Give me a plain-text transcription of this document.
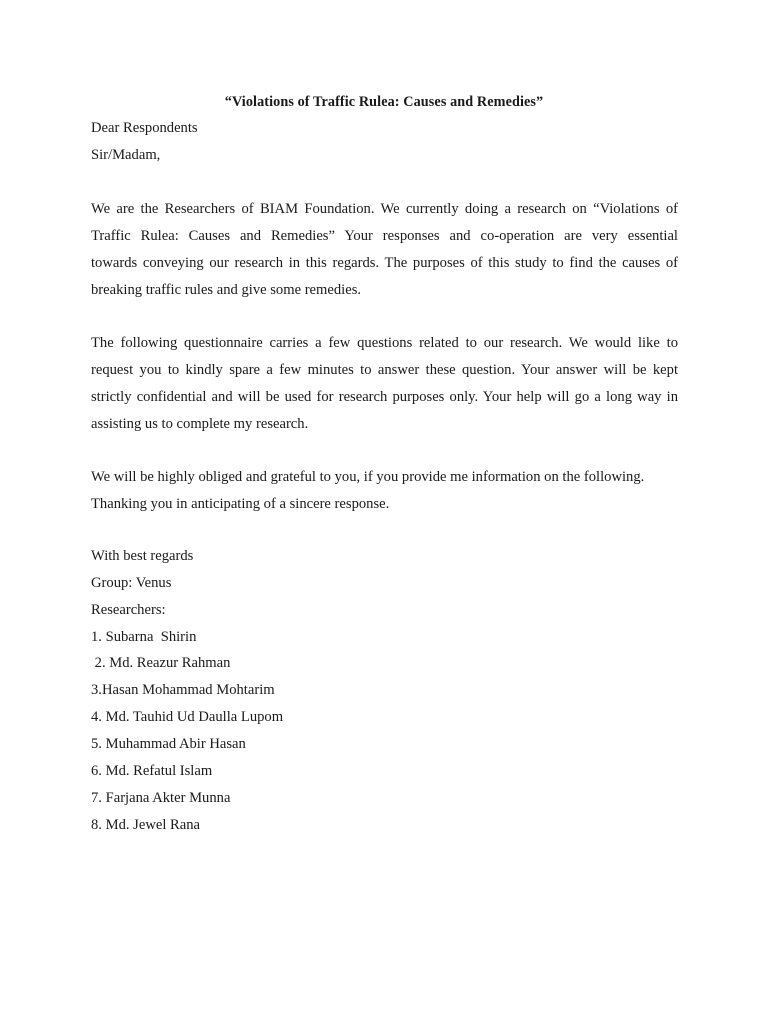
“Violations of Traffic Rulea: Causes and Remedies”
Dear Respondents
Sir/Madam,
We are the Researchers of BIAM Foundation. We currently doing a research on “Violations of
Traffic Rulea: Causes and Remedies” Your responses and co-operation are very essential
towards conveying our research in this regards. The purposes of this study to find the causes of
breaking traffic rules and give some remedies.
The following questionnaire carries a few questions related to our research. We would like to
request you to kindly spare a few minutes to answer these question. Your answer will be kept
strictly confidential and will be used for research purposes only. Your help will go a long way in
assisting us to complete my research.
We will be highly obliged and grateful to you, if you provide me information on the following.
Thanking you in anticipating of a sincere response.
With best regards
Group: Venus
Researchers:
1. Subarna  Shirin
2. Md. Reazur Rahman
3.Hasan Mohammad Mohtarim
4. Md. Tauhid Ud Daulla Lupom
5. Muhammad Abir Hasan
6. Md. Refatul Islam
7. Farjana Akter Munna
8. Md. Jewel Rana
